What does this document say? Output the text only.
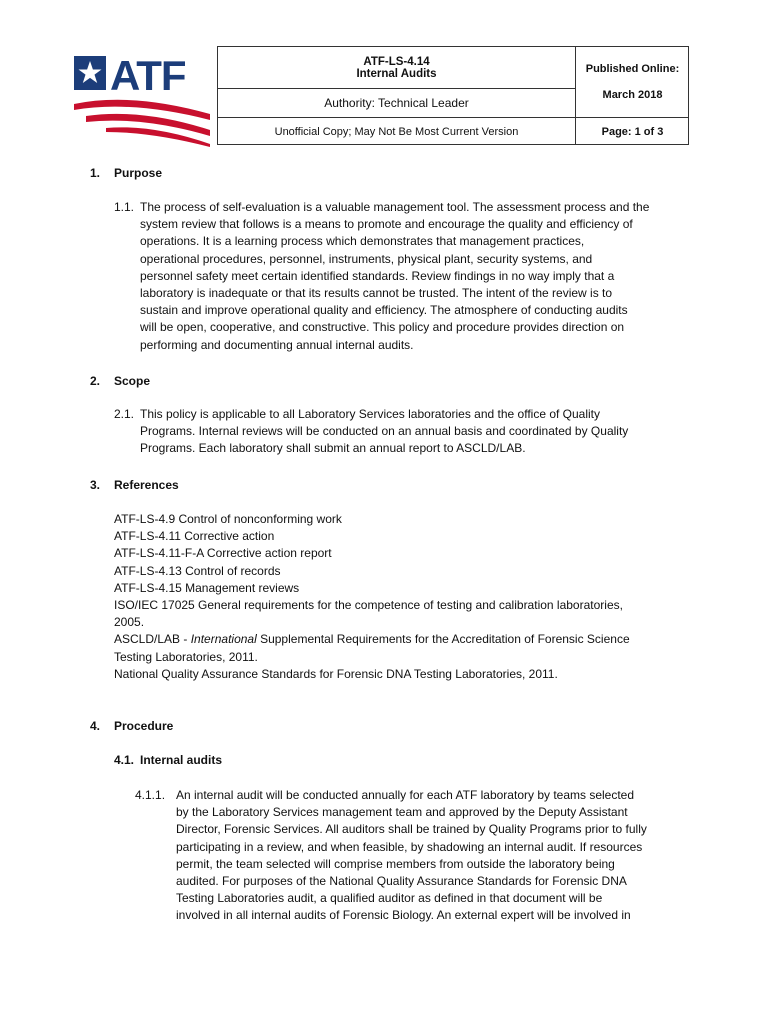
ATF	ATF-LS-4.14
Internal Audits
Authority: Technical Leader
Unofficial Copy; May Not Be Most Current Version
Published Online:
March 2018
Page: 1 of 3
1. Purpose
1.1. The process of self-evaluation is a valuable management tool. The assessment process and the
system review that follows is a means to promote and encourage the quality and efficiency of
operations. It is a learning process which demonstrates that management practices,
operational procedures, personnel, instruments, physical plant, security systems, and
personnel safety meet certain identified standards. Review findings in no way imply that a
laboratory is inadequate or that its results cannot be trusted. The intent of the review is to
sustain and improve operational quality and efficiency. The atmosphere of conducting audits
will be open, cooperative, and constructive. This policy and procedure provides direction on
performing and documenting annual internal audits.
2. Scope
2.1. This policy is applicable to all Laboratory Services laboratories and the office of Quality
Programs. Internal reviews will be conducted on an annual basis and coordinated by Quality
Programs. Each laboratory shall submit an annual report to ASCLD/LAB.
3. References
ATF-LS-4.9 Control of nonconforming work
ATF-LS-4.11 Corrective action
ATF-LS-4.11-F-A Corrective action report
ATF-LS-4.13 Control of records
ATF-LS-4.15 Management reviews
ISO/IEC 17025 General requirements for the competence of testing and calibration laboratories,
2005.
ASCLD/LAB - International Supplemental Requirements for the Accreditation of Forensic Science
Testing Laboratories, 2011.
National Quality Assurance Standards for Forensic DNA Testing Laboratories, 2011.
4. Procedure
4.1. Internal audits
4.1.1. An internal audit will be conducted annually for each ATF laboratory by teams selected
by the Laboratory Services management team and approved by the Deputy Assistant
Director, Forensic Services. All auditors shall be trained by Quality Programs prior to fully
participating in a review, and when feasible, by shadowing an internal audit. If resources
permit, the team selected will comprise members from outside the laboratory being
audited. For purposes of the National Quality Assurance Standards for Forensic DNA
Testing Laboratories audit, a qualified auditor as defined in that document will be
involved in all internal audits of Forensic Biology. An external expert will be involved in
